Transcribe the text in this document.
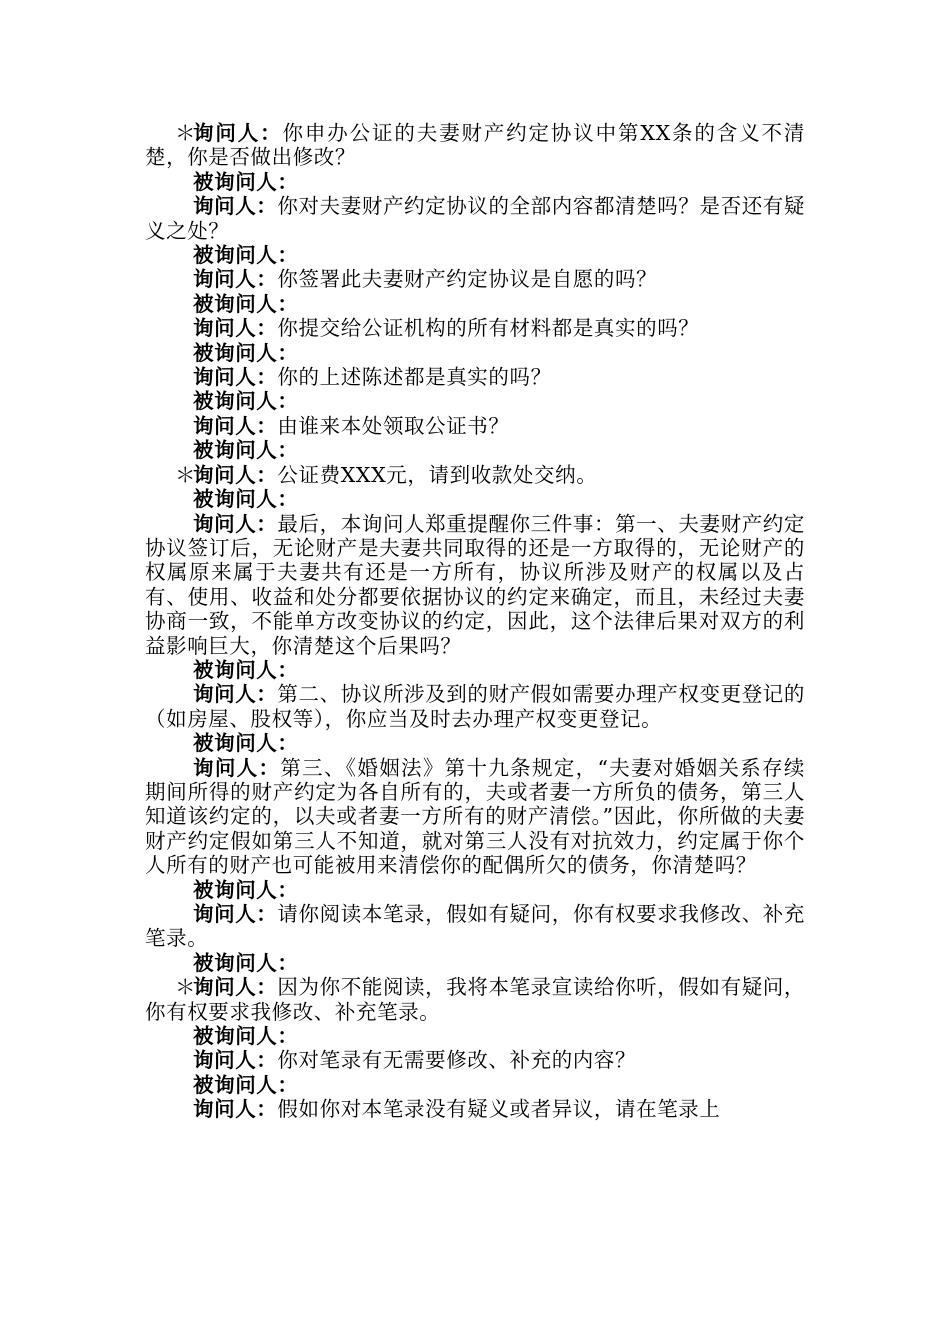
＊
询问人：你申办公证的夫妻财产约定协议中第XX条的含义不清楚，你是否做出修改？

被询问人：

询问人：你对夫妻财产约定协议的全部内容都清楚吗？是否还有疑义之处？

被询问人：

询问人：你签署此夫妻财产约定协议是自愿的吗？

被询问人：

询问人：你提交给公证机构的所有材料都是真实的吗？

被询问人：

询问人：你的上述陈述都是真实的吗？

被询问人：

询问人：由谁来本处领取公证书？

被询问人：

＊
询问人：公证费XXX元，请到收款处交纳。

被询问人：

询问人：最后，本询问人郑重提醒你三件事：第一、夫妻财产约定协议签订后，无论财产是夫妻共同取得的还是一方取得的，无论财产的权属原来属于夫妻共有还是一方所有，协议所涉及财产的权属以及占有、使用、收益和处分都要依据协议的约定来确定，而且，未经过夫妻协商一致，不能单方改变协议的约定，因此，这个法律后果对双方的利益影响巨大，你清楚这个后果吗？

被询问人：

询问人：第二、协议所涉及到的财产假如需要办理产权变更登记的（如房屋、股权等），你应当及时去办理产权变更登记。

被询问人：

询问人：第三、《婚姻法》第十九条规定，“夫妻对婚姻关系存续期间所得的财产约定为各自所有的，夫或者妻一方所负的债务，第三人知道该约定的，以夫或者妻一方所有的财产清偿。”因此，你所做的夫妻财产约定假如第三人不知道，就对第三人没有对抗效力，约定属于你个人所有的财产也可能被用来清偿你的配偶所欠的债务，你清楚吗？

被询问人：

询问人：请你阅读本笔录，假如有疑问，你有权要求我修改、补充笔录。

被询问人：

＊
询问人：因为你不能阅读，我将本笔录宣读给你听，假如有疑问，你有权要求我修改、补充笔录。

被询问人：

询问人：你对笔录有无需要修改、补充的内容？

被询问人：

询问人：假如你对本笔录没有疑义或者异议，请在笔录上
